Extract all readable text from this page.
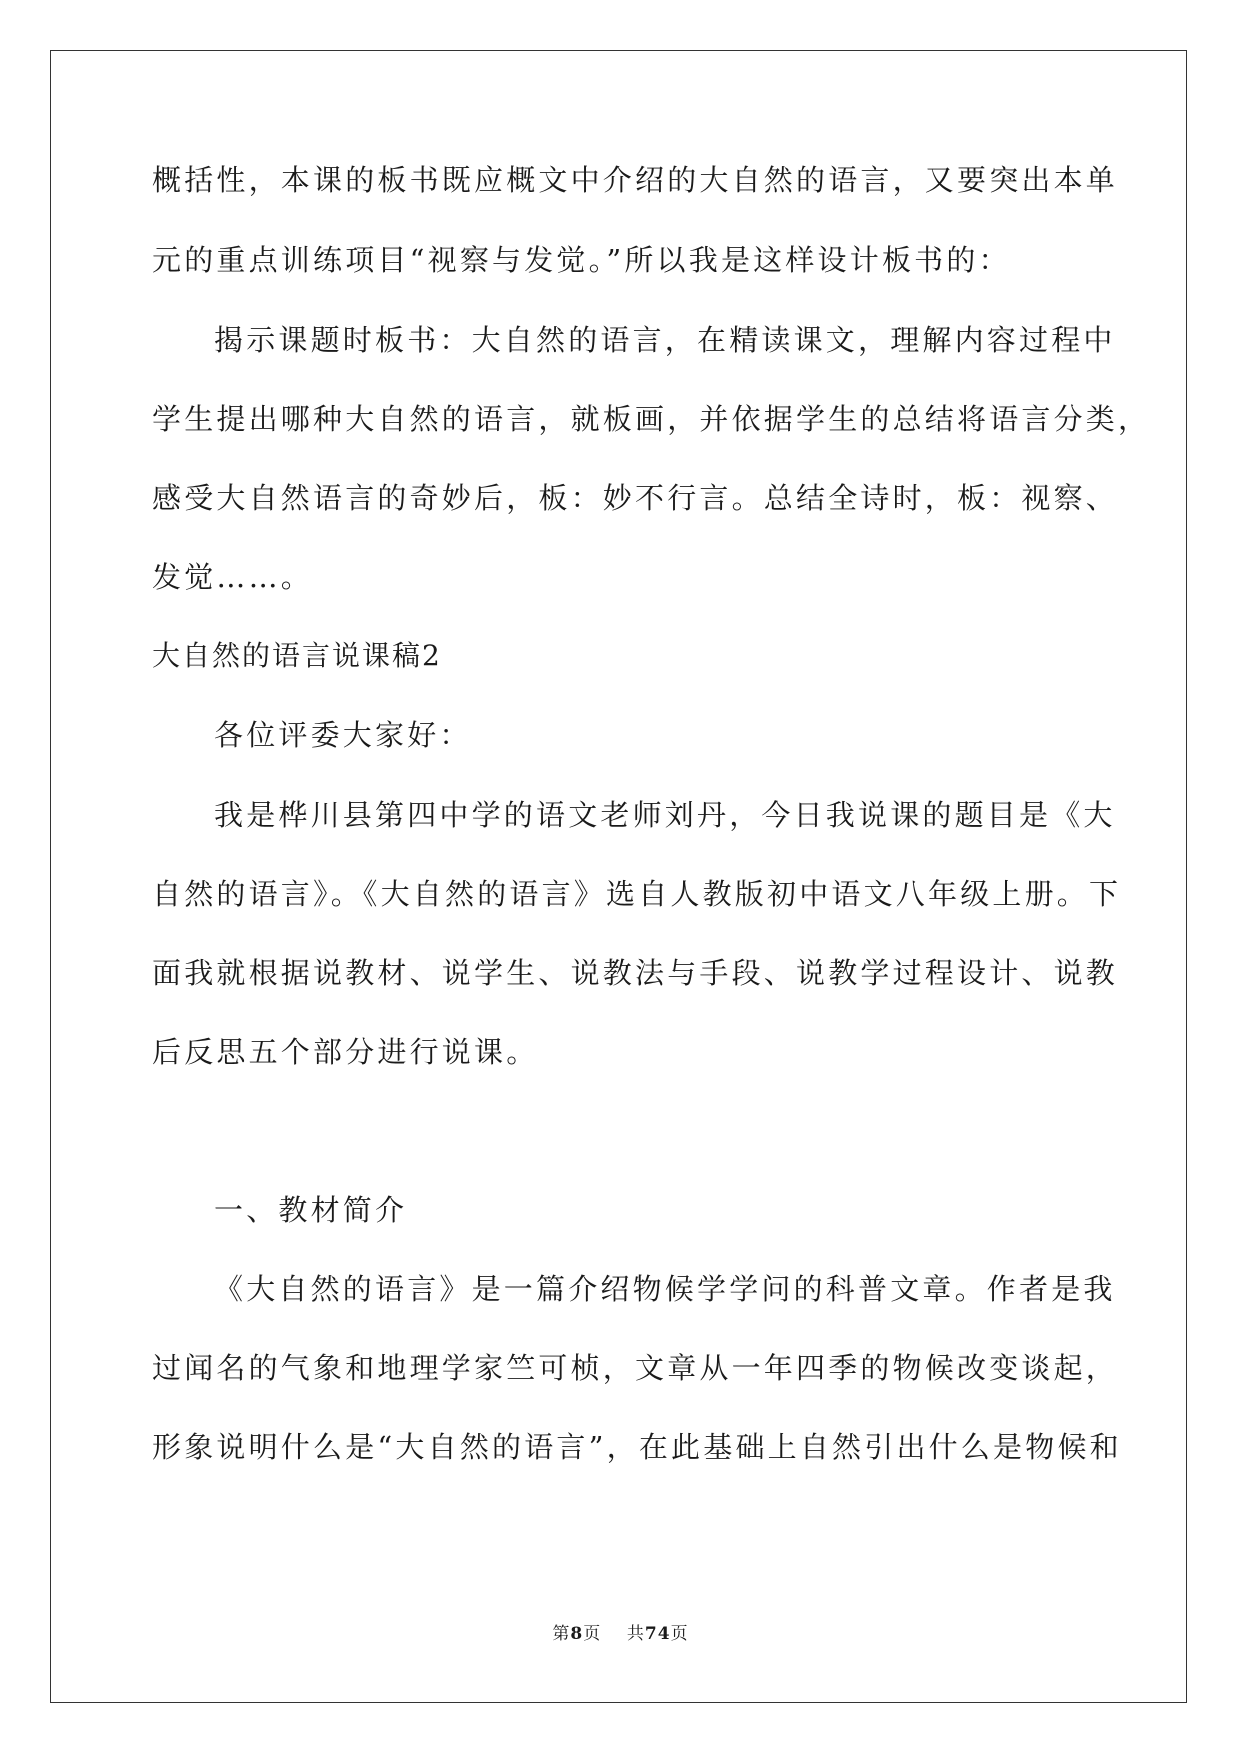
概括性，本课的板书既应概文中介绍的大自然的语言，又要突出本单
元的重点训练项目“视察与发觉。”所以我是这样设计板书的：
揭示课题时板书：大自然的语言，在精读课文，理解内容过程中
学生提出哪种大自然的语言，就板画，并依据学生的总结将语言分类，
感受大自然语言的奇妙后，板：妙不行言。总结全诗时，板：视察、
发觉……。
大自然的语言说课稿2
各位评委大家好：
我是桦川县第四中学的语文老师刘丹，今日我说课的题目是《大
自然的语言》。《大自然的语言》选自人教版初中语文八年级上册。下
面我就根据说教材、说学生、说教法与手段、说教学过程设计、说教
后反思五个部分进行说课。
一、教材简介
《大自然的语言》是一篇介绍物候学学问的科普文章。作者是我
过闻名的气象和地理学家竺可桢，文章从一年四季的物候改变谈起，
形象说明什么是“大自然的语言”，在此基础上自然引出什么是物候和
第8页 共74页
